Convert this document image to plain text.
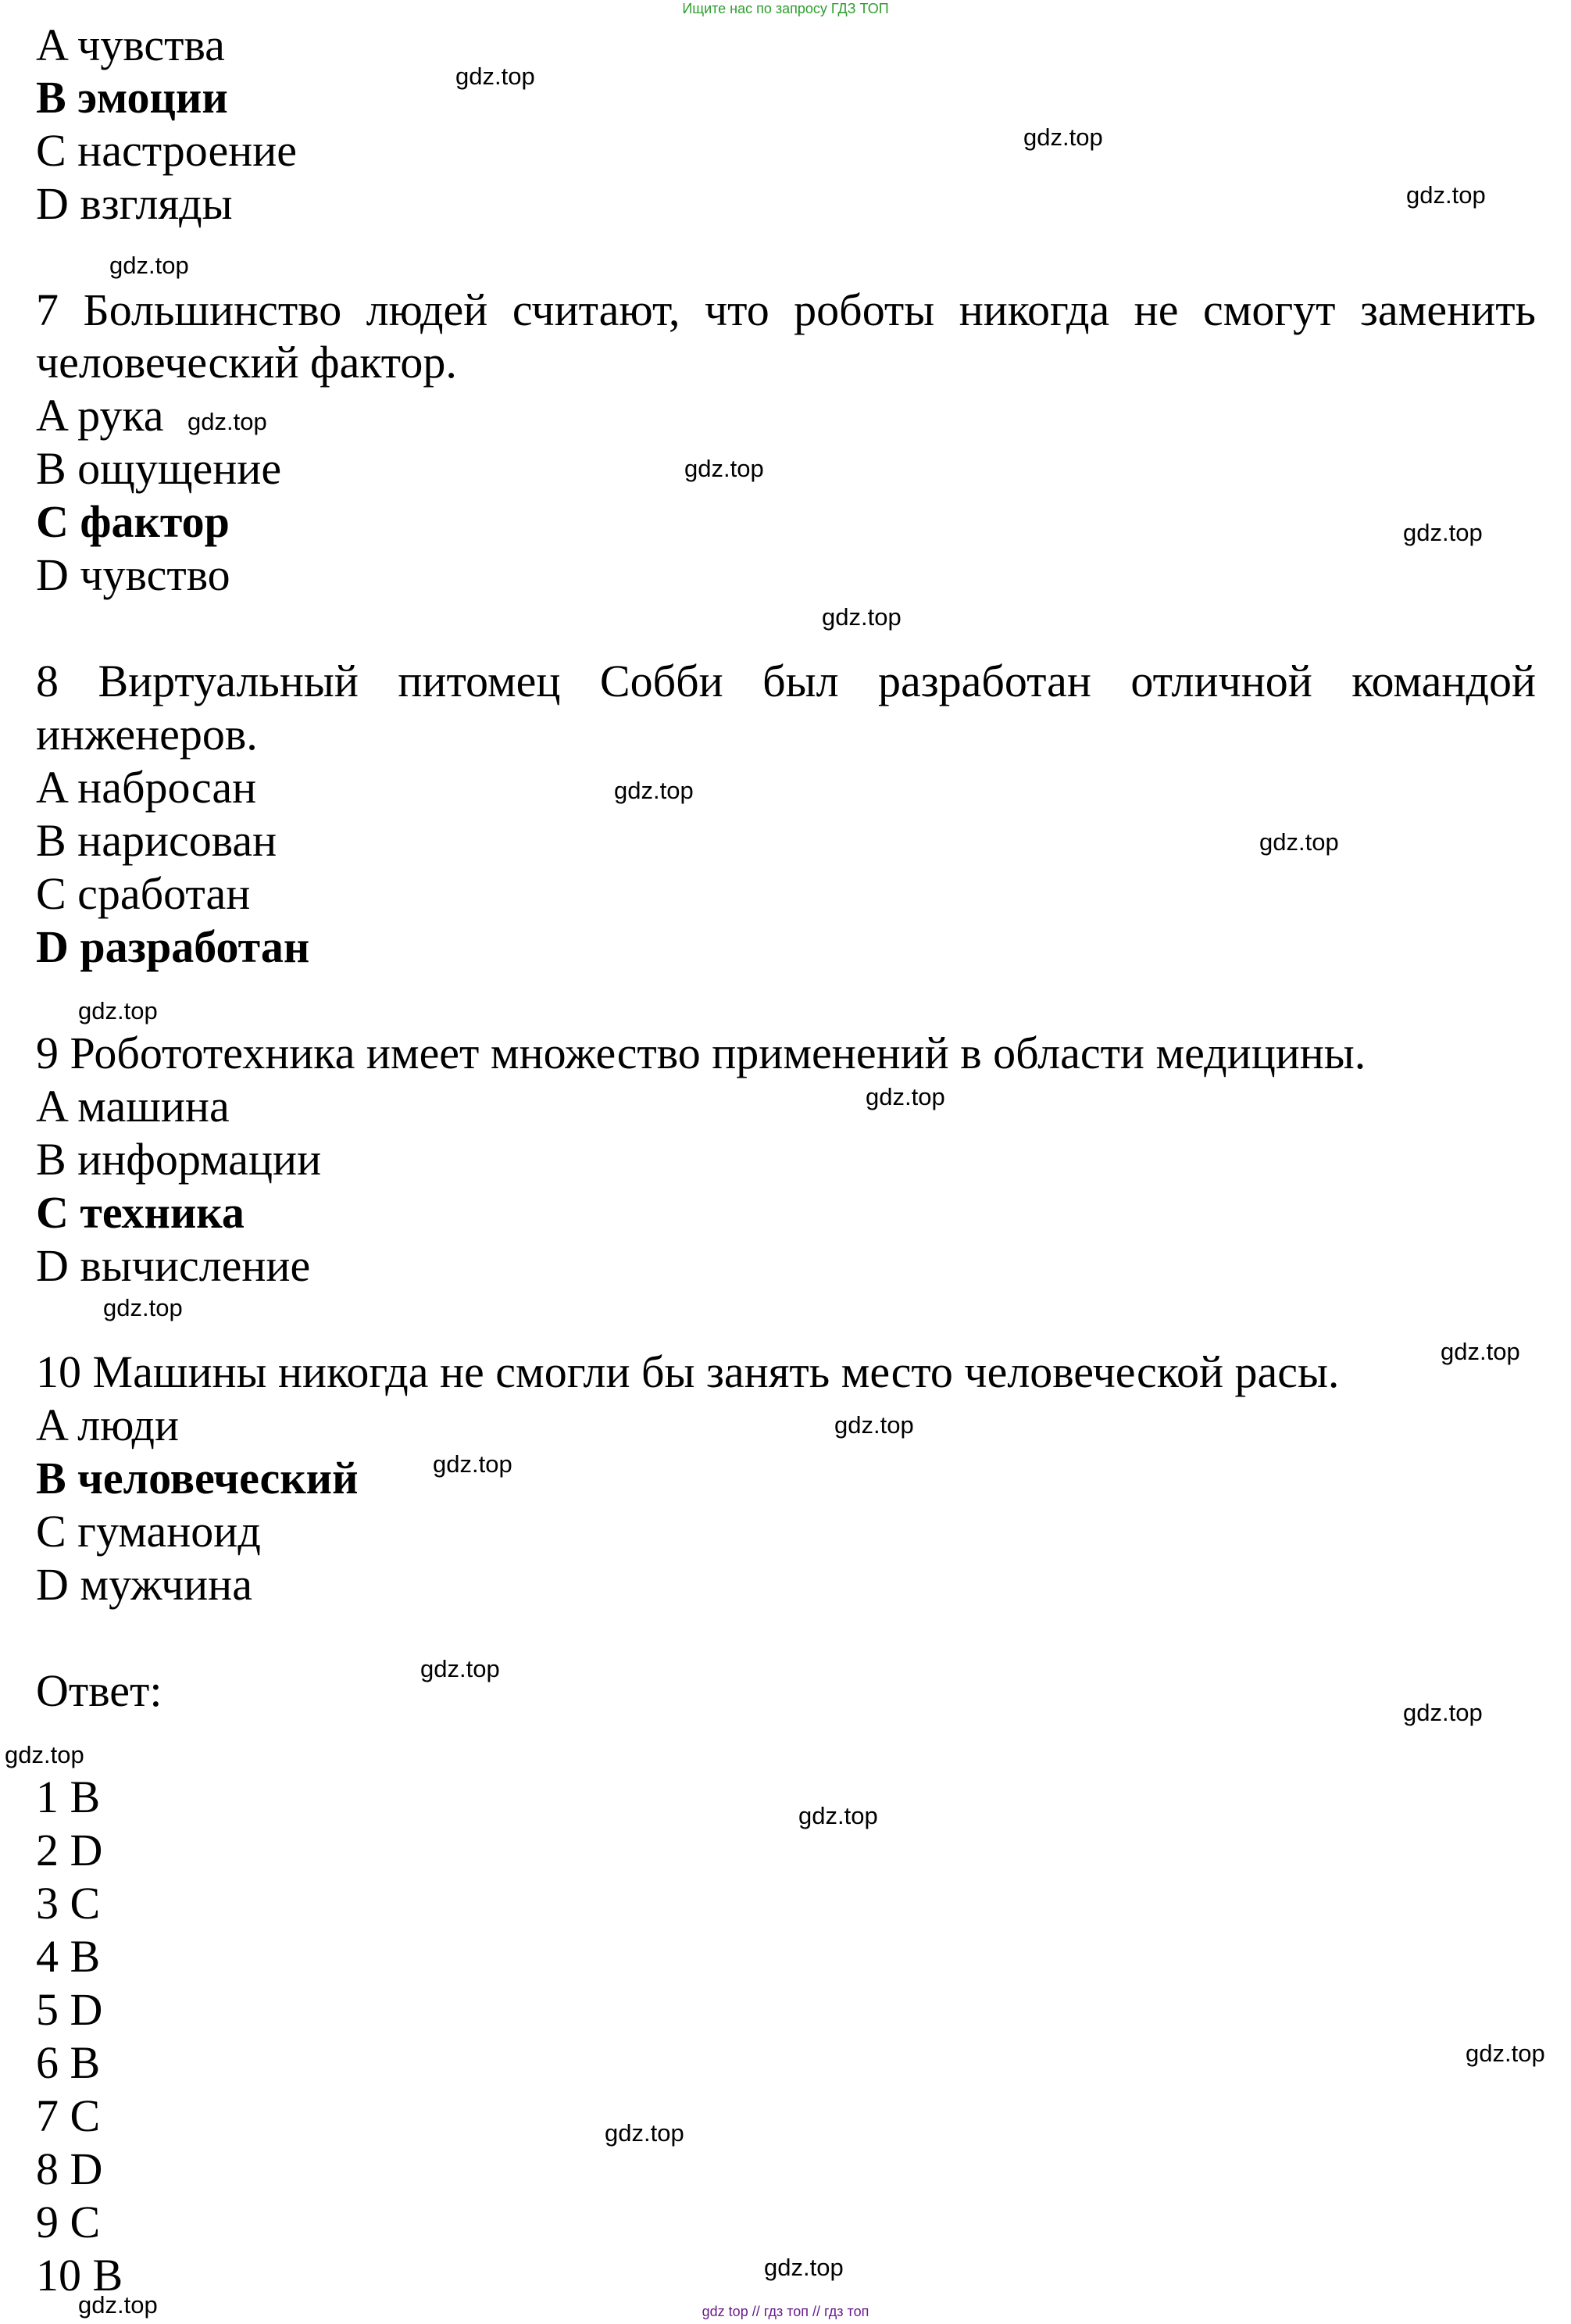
Ищите нас по запросу ГДЗ ТОП
A чувства
B эмоции
C настроение
D взгляды
7 Большинство людей считают, что роботы никогда не смогут заменить
человеческий фактор.
A рука
B ощущение
C фактор
D чувство
8 Виртуальный питомец Собби был разработан отличной командой
инженеров.
A набросан
B нарисован
C сработан
D разработан
9 Робототехника имеет множество применений в области медицины.
A машина
B информации
C техника
D вычисление
10 Машины никогда не смогли бы занять место человеческой расы.
A люди
B человеческий
C гуманоид
D мужчина
Ответ:
1 B
2 D
3 C
4 B
5 D
6 B
7 C
8 D
9 C
10 B
gdz.top
gdz.top
gdz.top
gdz.top
gdz.top
gdz.top
gdz.top
gdz.top
gdz.top
gdz.top
gdz.top
gdz.top
gdz.top
gdz.top
gdz.top
gdz.top
gdz.top
gdz.top
gdz.top
gdz.top
gdz.top
gdz.top
gdz.top
gdz.top	gdz top // гдз топ // гдз топ
